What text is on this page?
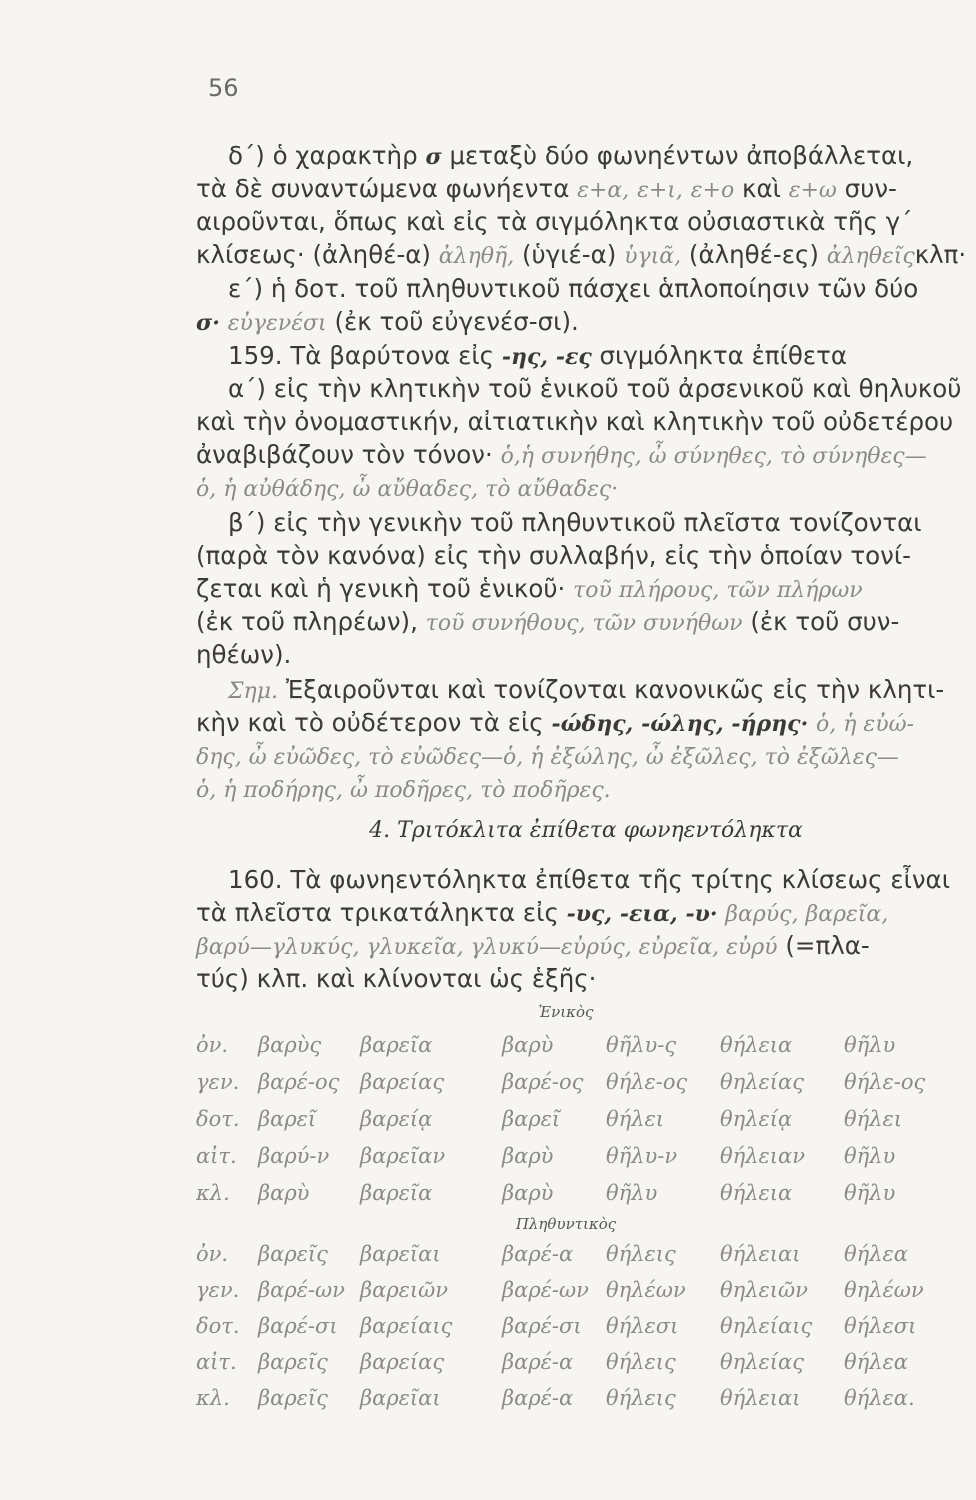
56
δ΄) ὁ χαρακτὴρ σ μεταξὺ δύο φωνηέντων ἀποβάλλεται,
τὰ δὲ συναντώμενα φωνήεντα ε+α, ε+ι, ε+ο καὶ ε+ω συν-
αιροῦνται, ὅπως καὶ εἰς τὰ σιγμόληκτα οὐσιαστικὰ τῆς γ΄
κλίσεως· (ἀληθέ-α) ἀληθῆ, (ὑγιέ-α) ὑγιᾶ, (ἀληθέ-ες) ἀληθεῖςκλπ·
ε΄) ἡ δοτ. τοῦ πληθυντικοῦ πάσχει ἁπλοποίησιν τῶν δύο
σ· εὐγενέσι (ἐκ τοῦ εὐγενέσ-σι).
159. Τὰ βαρύτονα εἰς -ης, -ες σιγμόληκτα ἐπίθετα
α΄) εἰς τὴν κλητικὴν τοῦ ἑνικοῦ τοῦ ἀρσενικοῦ καὶ θηλυκοῦ
καὶ τὴν ὀνομαστικήν, αἰτιατικὴν καὶ κλητικὴν τοῦ οὐδετέρου
ἀναβιβάζουν τὸν τόνον· ὁ,ἡ συνήθης, ὦ σύνηθες, τὸ σύνηθες—
ὁ, ἡ αὐθάδης, ὦ αὔθαδες, τὸ αὔθαδες·
β΄) εἰς τὴν γενικὴν τοῦ πληθυντικοῦ πλεῖστα τονίζονται
(παρὰ τὸν κανόνα) εἰς τὴν συλλαβήν, εἰς τὴν ὁποίαν τονί-
ζεται καὶ ἡ γενικὴ τοῦ ἑνικοῦ· τοῦ πλήρους, τῶν πλήρων
(ἐκ τοῦ πληρέων), τοῦ συνήθους, τῶν συνήθων (ἐκ τοῦ συν-
ηθέων).
Σημ. Ἐξαιροῦνται καὶ τονίζονται κανονικῶς εἰς τὴν κλητι-
κὴν καὶ τὸ οὐδέτερον τὰ εἰς -ώδης, -ώλης, -ήρης· ὁ, ἡ εὐώ-
δης, ὦ εὐῶδες, τὸ εὐῶδες—ὁ, ἡ ἐξώλης, ὦ ἐξῶλες, τὸ ἐξῶλες—
ὁ, ἡ ποδήρης, ὦ ποδῆρες, τὸ ποδῆρες.
4. Τριτόκλιτα ἐπίθετα φωνηεντόληκτα
160. Τὰ φωνηεντόληκτα ἐπίθετα τῆς τρίτης κλίσεως εἶναι
τὰ πλεῖστα τρικατάληκτα εἰς -υς, -εια, -υ· βαρύς, βαρεῖα,
βαρύ—γλυκύς, γλυκεῖα, γλυκύ—εὐρύς, εὐρεῖα, εὐρύ (=πλα-
τύς) κλπ. καὶ κλίνονται ὡς ἑξῆς·
Ἑνικὸς
ὀν. βαρὺς βαρεῖα	βαρὺ	θῆλυ-ς θήλεια θῆλυ
γεν. βαρέ-ος βαρείας	βαρέ-ος θήλε-ος θηλείας θήλε-ος
δοτ. βαρεῖ βαρείᾳ	βαρεῖ θήλει	θηλείᾳ θήλει
αἰτ. βαρύ-ν βαρεῖαν	βαρὺ	θῆλυ-ν θήλειαν θῆλυ
κλ. βαρὺ βαρεῖα	βαρὺ	θῆλυ	θήλεια θῆλυ
Πληθυντικὸς
ὀν. βαρεῖς βαρεῖαι	βαρέ-α θήλεις θήλειαι θήλεα
γεν. βαρέ-ων βαρειῶν	βαρέ-ων θηλέων θηλειῶν θηλέων
δοτ. βαρέ-σι βαρείαις βαρέ-σι θήλεσι θηλείαις θήλεσι
αἰτ. βαρεῖς βαρείας	βαρέ-α θήλεις θηλείας θήλεα
κλ. βαρεῖς βαρεῖαι	βαρέ-α θήλεις θήλειαι θήλεα.
